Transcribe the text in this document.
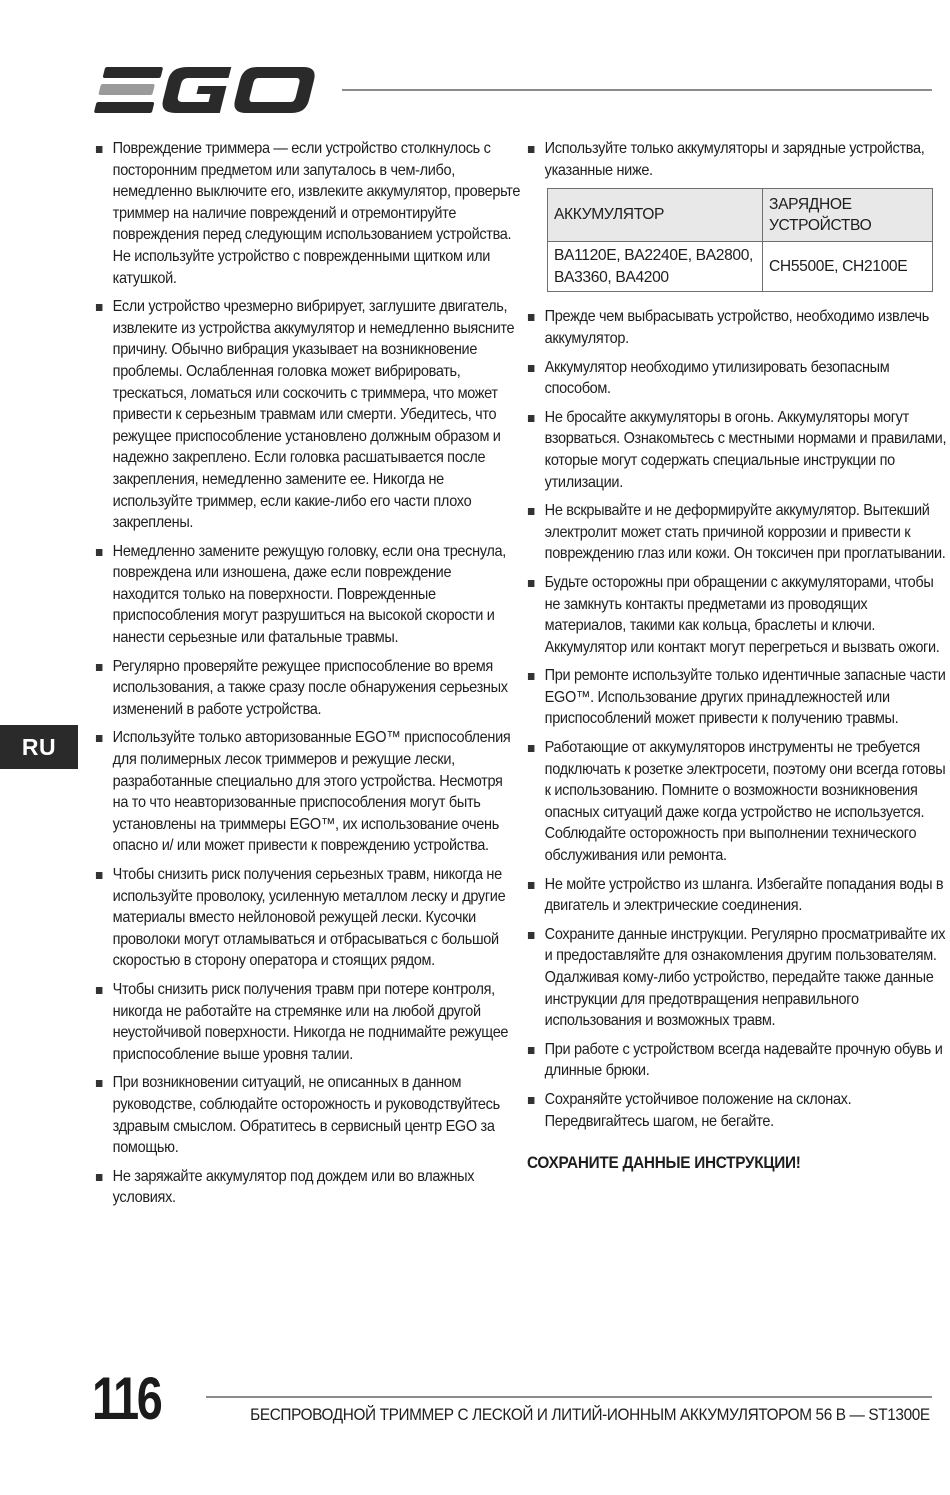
RU
Повреждение триммера — если устройство столкнулось с посторонним предметом или запуталось в чем-либо, немедленно выключите его, извлеките аккумулятор, проверьте триммер на наличие повреждений и отремонтируйте повреждения перед следующим использованием устройства. Не используйте устройство с поврежденными щитком или катушкой.
Если устройство чрезмерно вибрирует, заглушите двигатель, извлеките из устройства аккумулятор и немедленно выясните причину. Обычно вибрация указывает на возникновение проблемы. Ослабленная головка может вибрировать, трескаться, ломаться или соскочить с триммера, что может привести к серьезным травмам или смерти. Убедитесь, что режущее приспособление установлено должным образом и надежно закреплено. Если головка расшатывается после закрепления, немедленно замените ее. Никогда не используйте триммер, если какие-либо его части плохо закреплены.
Немедленно замените режущую головку, если она треснула, повреждена или изношена, даже если повреждение находится только на поверхности. Поврежденные приспособления могут разрушиться на высокой скорости и нанести серьезные или фатальные травмы.
Регулярно проверяйте режущее приспособление во время использования, а также сразу после обнаружения серьезных изменений в работе устройства.
Используйте только авторизованные EGO™ приспособления для полимерных лесок триммеров и режущие лески, разработанные специально для этого устройства. Несмотря на то что неавторизованные приспособления могут быть установлены на триммеры EGO™, их использование очень опасно и/ или может привести к повреждению устройства.
Чтобы снизить риск получения серьезных травм, никогда не используйте проволоку, усиленную металлом леску и другие материалы вместо нейлоновой режущей лески. Кусочки проволоки могут отламываться и отбрасываться с большой скоростью в сторону оператора и стоящих рядом.
Чтобы снизить риск получения травм при потере контроля, никогда не работайте на стремянке или на любой другой неустойчивой поверхности. Никогда не поднимайте режущее приспособление выше уровня талии.
При возникновении ситуаций, не описанных в данном руководстве, соблюдайте осторожность и руководствуйтесь здравым смыслом. Обратитесь в сервисный центр EGO за помощью.
Не заряжайте аккумулятор под дождем или во влажных условиях.
Используйте только аккумуляторы и зарядные устройства, указанные ниже.
АККУМУЛЯТОР	ЗАРЯДНОЕ УСТРОЙСТВО
BA1120E, BA2240E, BA2800, BA3360, BA4200	CH5500E, CH2100E
Прежде чем выбрасывать устройство, необходимо извлечь аккумулятор.
Аккумулятор необходимо утилизировать безопасным способом.
Не бросайте аккумуляторы в огонь. Аккумуляторы могут взорваться. Ознакомьтесь с местными нормами и правилами, которые могут содержать специальные инструкции по утилизации.
Не вскрывайте и не деформируйте аккумулятор. Вытекший электролит может стать причиной коррозии и привести к повреждению глаз или кожи. Он токсичен при проглатывании.
Будьте осторожны при обращении с аккумуляторами, чтобы не замкнуть контакты предметами из проводящих материалов, такими как кольца, браслеты и ключи. Аккумулятор или контакт могут перегреться и вызвать ожоги.
При ремонте используйте только идентичные запасные части EGO™. Использование других принадлежностей или приспособлений может привести к получению травмы.
Работающие от аккумуляторов инструменты не требуется подключать к розетке электросети, поэтому они всегда готовы к использованию. Помните о возможности возникновения опасных ситуаций даже когда устройство не используется. Соблюдайте осторожность при выполнении технического обслуживания или ремонта.
Не мойте устройство из шланга. Избегайте попадания воды в двигатель и электрические соединения.
Сохраните данные инструкции. Регулярно просматривайте их и предоставляйте для ознакомления другим пользователям. Одалживая кому-либо устройство, передайте также данные инструкции для предотвращения неправильного использования и возможных травм.
При работе с устройством всегда надевайте прочную обувь и длинные брюки.
Сохраняйте устойчивое положение на склонах. Передвигайтесь шагом, не бегайте.
СОХРАНИТЕ ДАННЫЕ ИНСТРУКЦИИ!
116	БЕСПРОВОДНОЙ ТРИММЕР С ЛЕСКОЙ И ЛИТИЙ-ИОННЫМ АККУМУЛЯТОРОМ 56 В — ST1300E
